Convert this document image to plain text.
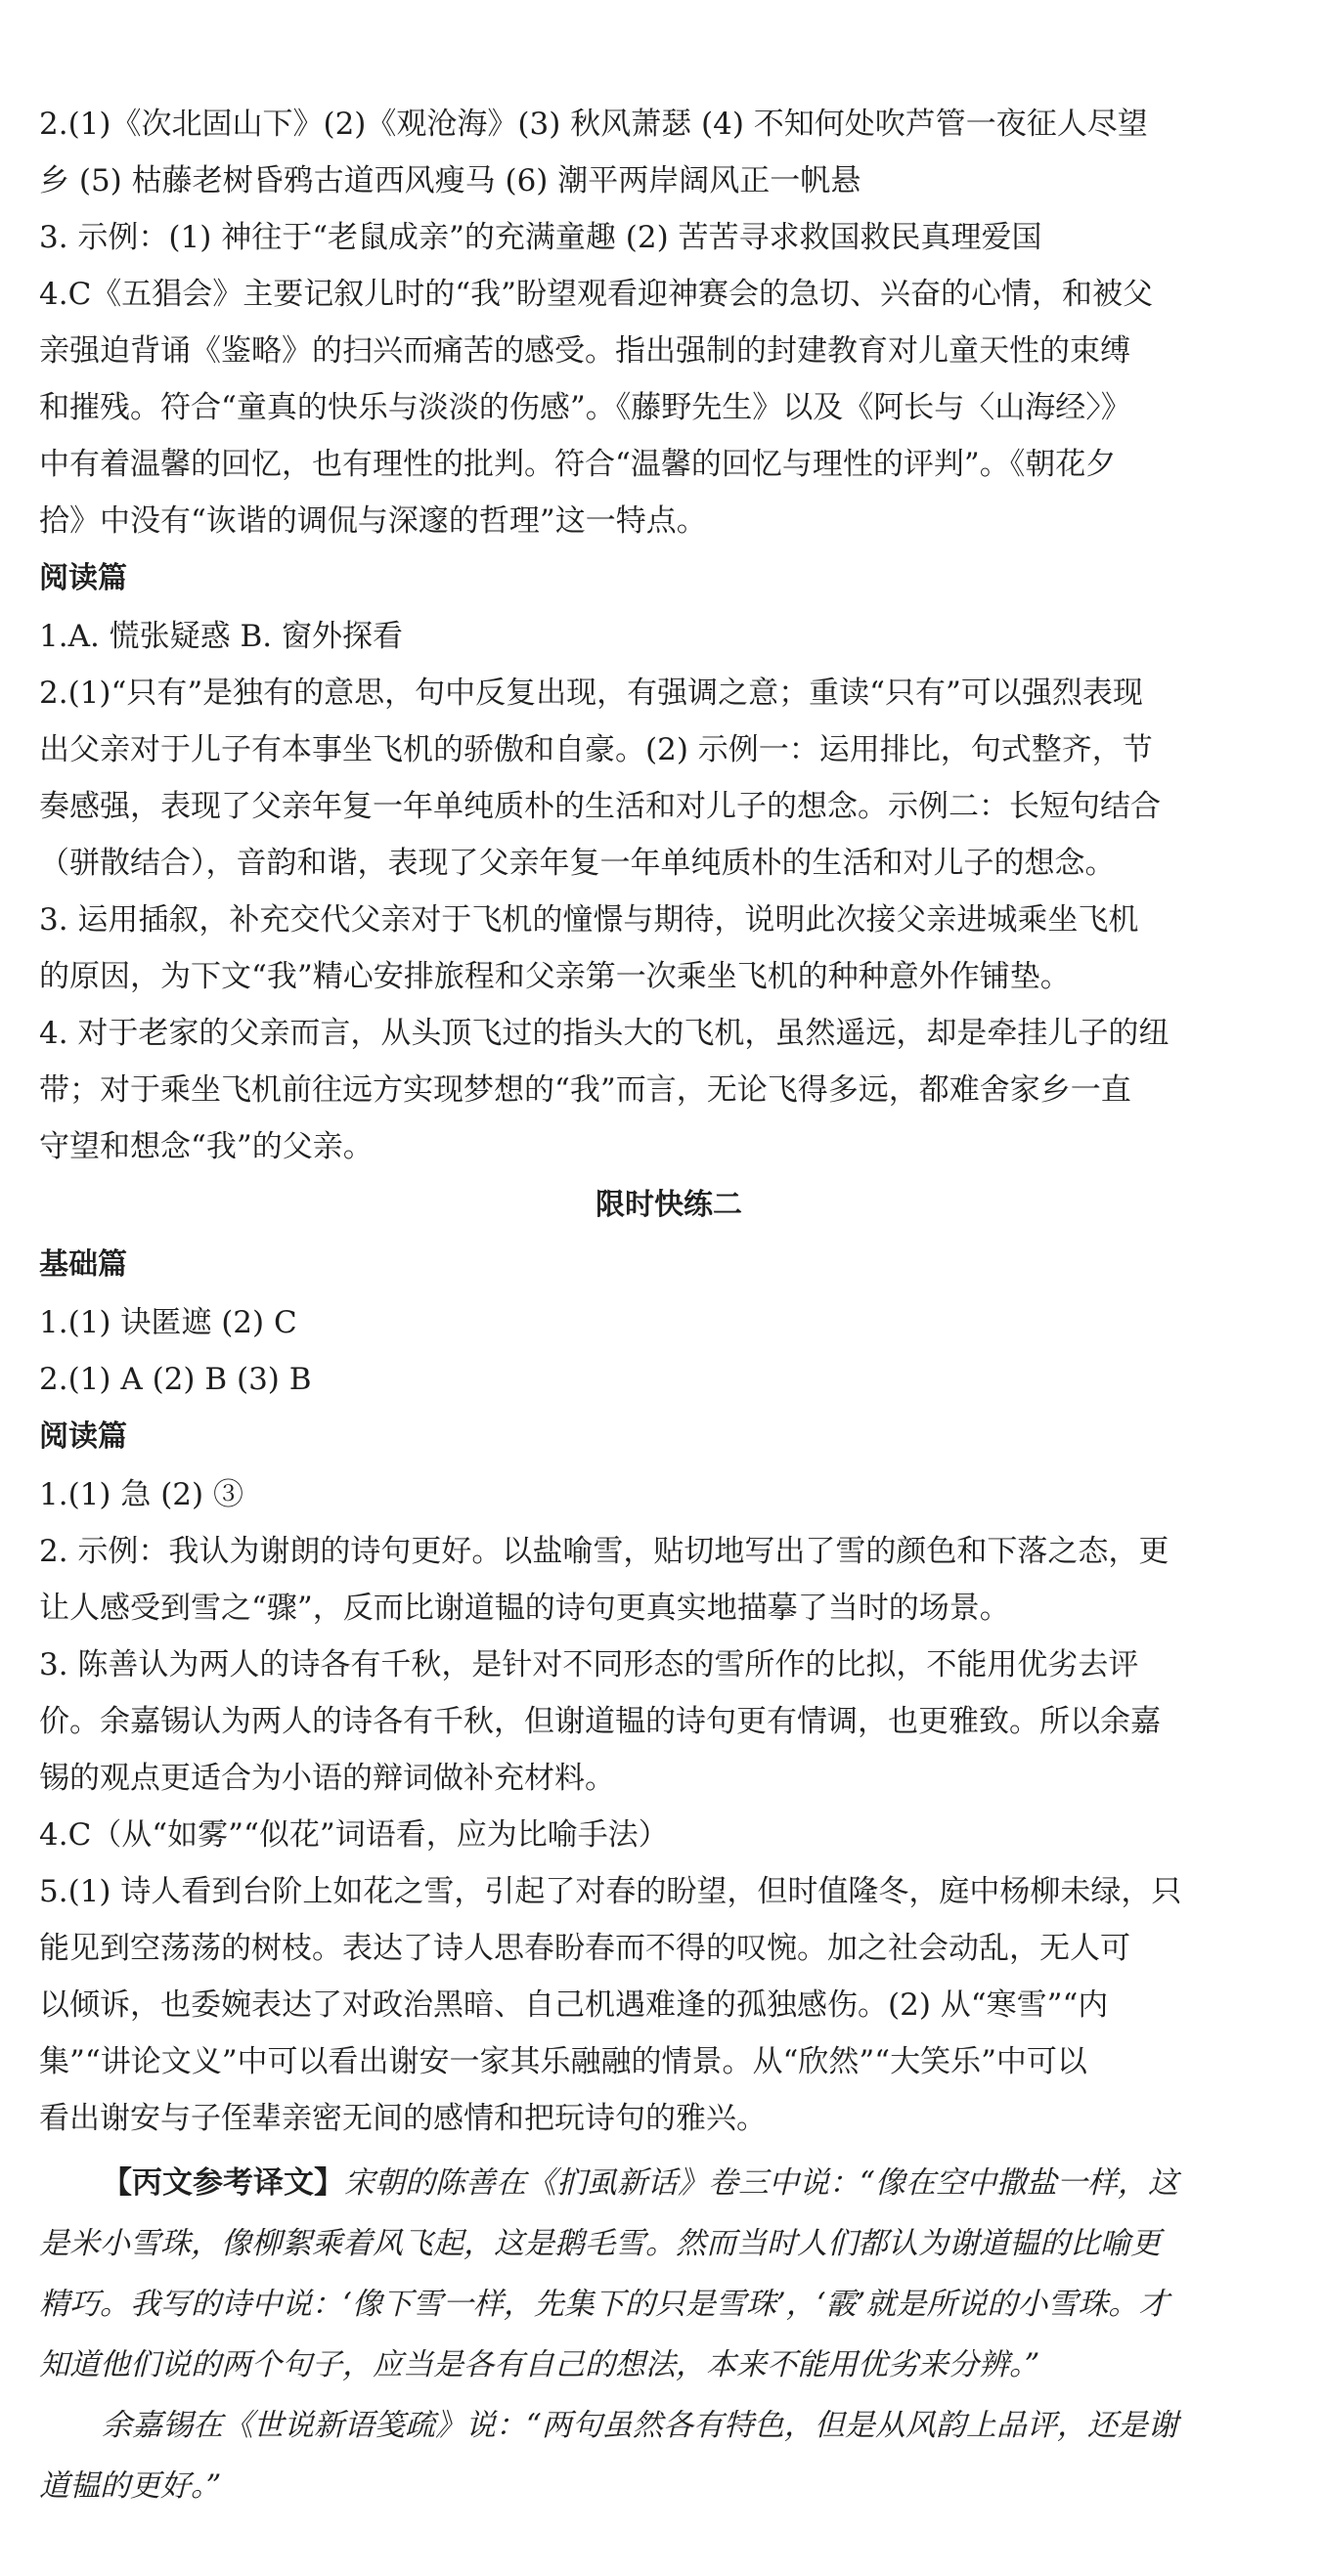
2.(1)《次北固山下》(2)《观沧海》(3) 秋风萧瑟 (4) 不知何处吹芦管一夜征人尽望
乡 (5) 枯藤老树昏鸦古道西风瘦马 (6) 潮平两岸阔风正一帆悬
3. 示例：(1) 神往于“老鼠成亲”的充满童趣 (2) 苦苦寻求救国救民真理爱国
4.C《五猖会》主要记叙儿时的“我”盼望观看迎神赛会的急切、兴奋的心情，和被父
亲强迫背诵《鉴略》的扫兴而痛苦的感受。指出强制的封建教育对儿童天性的束缚
和摧残。符合“童真的快乐与淡淡的伤感”。《藤野先生》以及《阿长与〈山海经〉》
中有着温馨的回忆，也有理性的批判。符合“温馨的回忆与理性的评判”。《朝花夕
拾》中没有“诙谐的调侃与深邃的哲理”这一特点。
阅读篇
1.A. 慌张疑惑 B. 窗外探看
2.(1)“只有”是独有的意思，句中反复出现，有强调之意；重读“只有”可以强烈表现
出父亲对于儿子有本事坐飞机的骄傲和自豪。(2) 示例一：运用排比，句式整齐，节
奏感强，表现了父亲年复一年单纯质朴的生活和对儿子的想念。示例二：长短句结合
（骈散结合），音韵和谐，表现了父亲年复一年单纯质朴的生活和对儿子的想念。
3. 运用插叙，补充交代父亲对于飞机的憧憬与期待，说明此次接父亲进城乘坐飞机
的原因，为下文“我”精心安排旅程和父亲第一次乘坐飞机的种种意外作铺垫。
4. 对于老家的父亲而言，从头顶飞过的指头大的飞机，虽然遥远，却是牵挂儿子的纽
带；对于乘坐飞机前往远方实现梦想的“我”而言，无论飞得多远，都难舍家乡一直
守望和想念“我”的父亲。
限时快练二
基础篇
1.(1) 诀匿遮 (2) C
2.(1) A (2) B (3) B
阅读篇
1.(1) 急 (2) ③
2. 示例：我认为谢朗的诗句更好。以盐喻雪，贴切地写出了雪的颜色和下落之态，更
让人感受到雪之“骤”，反而比谢道韫的诗句更真实地描摹了当时的场景。
3. 陈善认为两人的诗各有千秋，是针对不同形态的雪所作的比拟，不能用优劣去评
价。余嘉锡认为两人的诗各有千秋，但谢道韫的诗句更有情调，也更雅致。所以余嘉
锡的观点更适合为小语的辩词做补充材料。
4.C（从“如雾”“似花”词语看，应为比喻手法）
5.(1) 诗人看到台阶上如花之雪，引起了对春的盼望，但时值隆冬，庭中杨柳未绿，只
能见到空荡荡的树枝。表达了诗人思春盼春而不得的叹惋。加之社会动乱，无人可
以倾诉，也委婉表达了对政治黑暗、自己机遇难逢的孤独感伤。(2) 从“寒雪”“内
集”“讲论文义”中可以看出谢安一家其乐融融的情景。从“欣然”“大笑乐”中可以
看出谢安与子侄辈亲密无间的感情和把玩诗句的雅兴。
【丙文参考译文】宋朝的陈善在《扪虱新话》卷三中说：“像在空中撒盐一样，这
是米小雪珠，像柳絮乘着风飞起，这是鹅毛雪。然而当时人们都认为谢道韫的比喻更
精巧。我写的诗中说：‘像下雪一样，先集下的只是雪珠’，‘霰’就是所说的小雪珠。才
知道他们说的两个句子，应当是各有自己的想法，本来不能用优劣来分辨。”
余嘉锡在《世说新语笺疏》说：“两句虽然各有特色，但是从风韵上品评，还是谢
道韫的更好。”
